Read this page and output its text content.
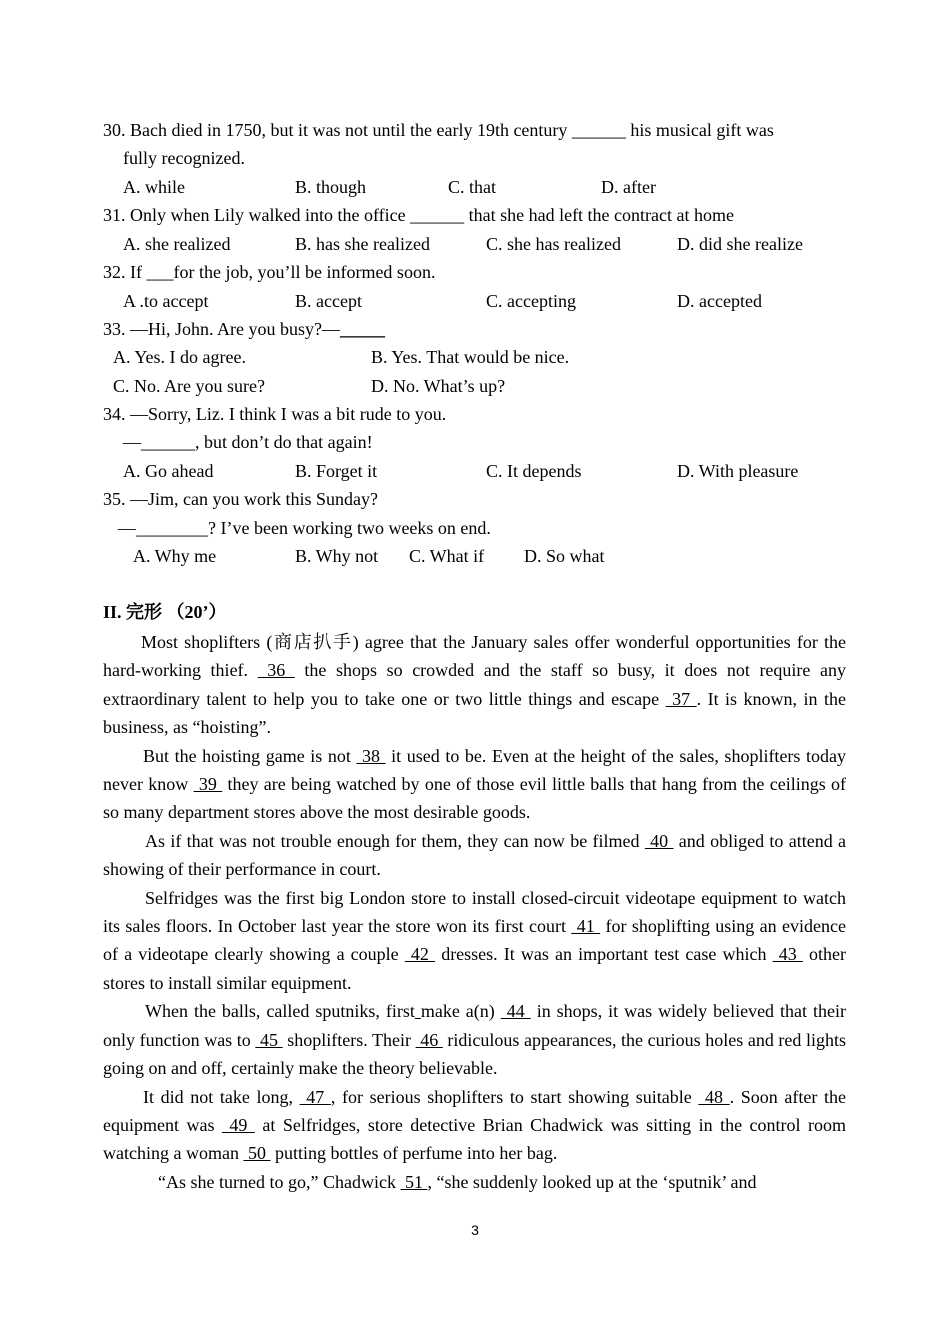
30. Bach died in 1750, but it was not until the early 19th century ______ his musical gift was
fully recognized.
A. while	B. though	C. that	D. after
31. Only when Lily walked into the office ______ that she had left the contract at home
A. she realized	B. has she realized	C. she has realized	D. did she realize
32. If ___for the job, you’ll be informed soon.
A .to accept	B. accept	C. accepting	D. accepted
33. —Hi, John. Are you busy?—_____
A. Yes. I do agree.	B. Yes. That would be nice.
C. No. Are you sure?	D. No. What’s up?
34. —Sorry, Liz. I think I was a bit rude to you.
—______, but don’t do that again!
A. Go ahead	B. Forget it	C. It depends	D. With pleasure
35. —Jim, can you work this Sunday?
—________? I’ve been working two weeks on end.
A. Why me	B. Why not C. What if D. So what
II. 完形 （20’）

Most shoplifters (商店扒手) agree that the January sales offer wonderful opportunities for the hard-working thief.  36  the shops so crowded and the staff so busy, it does not require any extraordinary talent to help you to take one or two little things and escape  37 . It is known, in the business, as “hoisting”.

But the hoisting game is not  38  it used to be. Even at the height of the sales, shoplifters today never know  39  they are being watched by one of those evil little balls that hang from the ceilings of so many department stores above the most desirable goods.

As if that was not trouble enough for them, they can now be filmed  40  and obliged to attend a showing of their performance in court.

Selfridges was the first big London store to install closed-circuit videotape equipment to watch its sales floors. In October last year the store won its first court  41  for shoplifting using an evidence of a videotape clearly showing a couple  42  dresses. It was an important test case which  43  other stores to install similar equipment.

When the balls, called sputniks, first make a(n)  44  in shops, it was widely believed that their only function was to  45  shoplifters. Their  46  ridiculous appearances, the curious holes and red lights going on and off, certainly make the theory believable.

It did not take long,  47 , for serious shoplifters to start showing suitable  48 . Soon after the equipment was  49  at Selfridges, store detective Brian Chadwick was sitting in the control room watching a woman  50  putting bottles of perfume into her bag.

“As she turned to go,” Chadwick  51 , “she suddenly looked up at the ‘sputnik’ and

3
